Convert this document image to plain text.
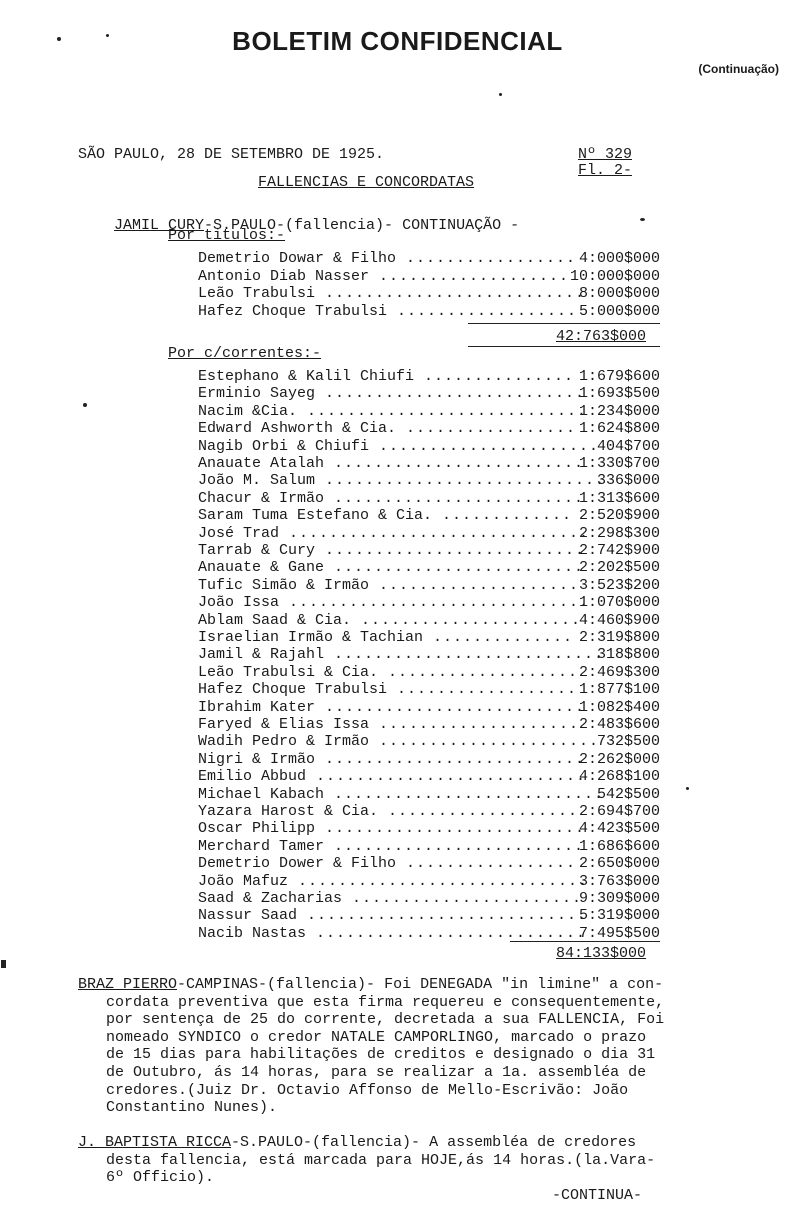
BOLETIM CONFIDENCIAL
(Continuação)
SÃO PAULO, 28 DE SETEMBRO DE 1925.	Nº 329
Fl. 2-
FALLENCIAS E CONCORDATAS

JAMIL CURY-S.PAULO-(fallencia)- CONTINUAÇÃO -

Por titulos:-
Demetrio Dowar & Filho ................. 4:000$000
Antonio Diab Nasser ................... 10:000$000
Leão Trabulsi ..........................
8:000$000
Hafez Choque Trabulsi .................. 5:000$000
42:763$000
Por c/correntes:-
Estephano & Kalil Chiufi ............... 1:679$600
Erminio Sayeg ..........................
1:693$500
Nacim &Cia. ............................
1:234$000
Edward Ashworth & Cia. ................. 1:624$800
Nagib Orbi & Chiufi ......................
404$700
Anauate Atalah .........................
1:330$700
João M. Salum ............................
336$000
Chacur & Irmão .........................
1:313$600
Saram Tuma Estefano & Cia. ............. 2:520$900
José Trad ..............................
2:298$300
Tarrab & Cury ..........................
2:742$900
Anauate & Gane .........................
2:202$500
Tufic Simão & Irmão .................... 3:523$200
João Issa ..............................
1:070$000
Ablam Saad & Cia. ......................
4:460$900
Israelian Irmão & Tachian .............. 2:319$800
Jamil & Rajahl ...........................
318$800
Leão Trabulsi & Cia. ................... 2:469$300
Hafez Choque Trabulsi .................. 1:877$100
Ibrahim Kater ..........................
1:082$400
Faryed & Elias Issa .................... 2:483$600
Wadih Pedro & Irmão ......................
732$500
Nigri & Irmão ..........................
2:262$000
Emilio Abbud ...........................
4:268$100
Michael Kabach ...........................
542$500
Yazara Harost & Cia. ................... 2:694$700
Oscar Philipp ..........................
4:423$500
Merchard Tamer .........................
1:686$600
Demetrio Dower & Filho ................. 2:650$000
João Mafuz .............................
3:763$000
Saad & Zacharias .......................
9:309$000
Nassur Saad ............................
5:319$000
Nacib Nastas ...........................
7:495$500
84:133$000
BRAZ PIERRO-CAMPINAS-(fallencia)- Foi DENEGADA "in limine" a con-
cordata preventiva que esta firma requereu e consequentemente,
por sentença de 25 do corrente, decretada a sua FALLENCIA, Foi
nomeado SYNDICO o credor NATALE CAMPORLINGO, marcado o prazo
de 15 dias para habilitações de creditos e designado o dia 31
de Outubro, ás 14 horas, para se realizar a 1a. assembléa de
credores.(Juiz Dr. Octavio Affonso de Mello-Escrivão: João
Constantino Nunes).
J. BAPTISTA RICCA-S.PAULO-(fallencia)- A assembléa de credores
desta fallencia, está marcada para HOJE,ás 14 horas.(la.Vara-
6º Officio).
-CONTINUA-
